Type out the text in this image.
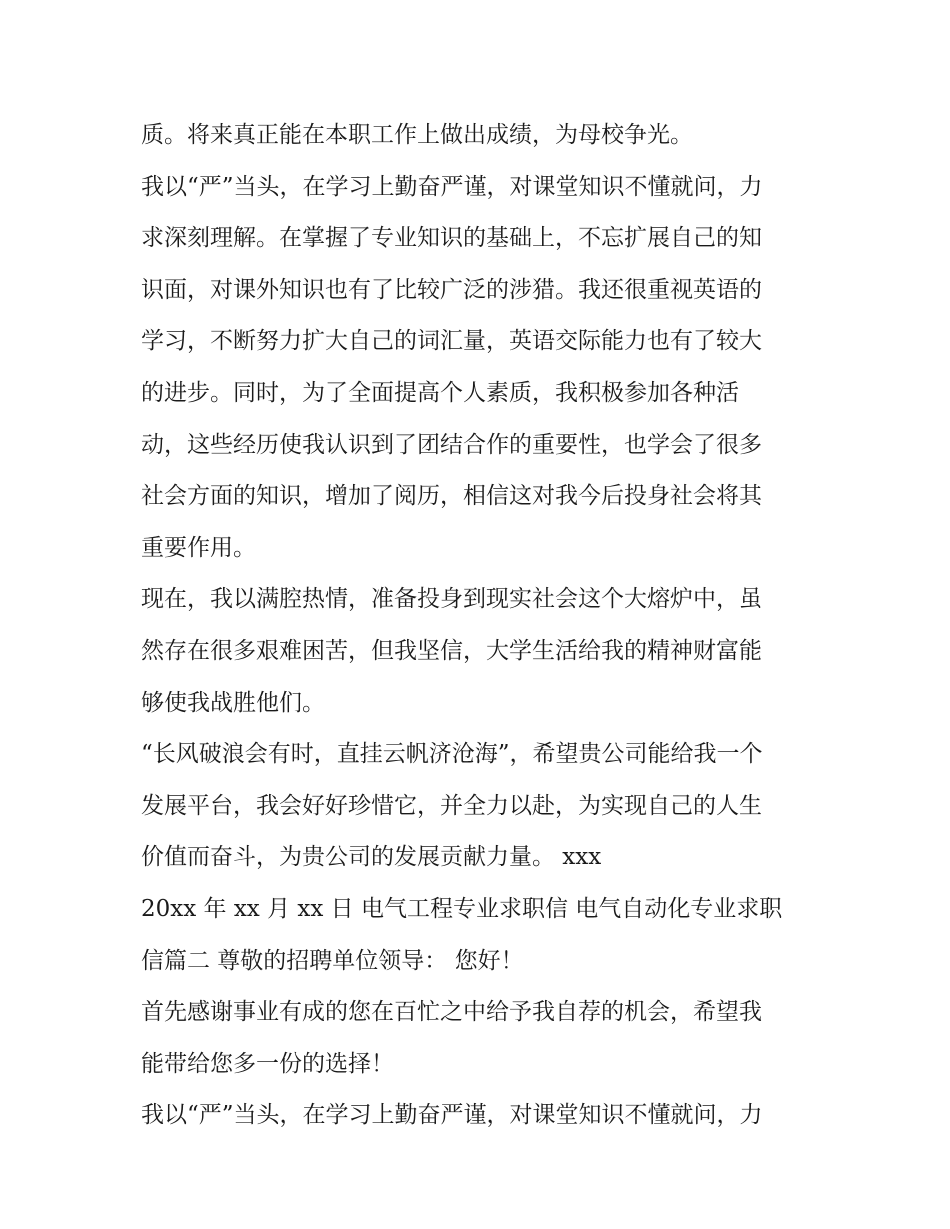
质。将来真正能在本职工作上做出成绩，为母校争光。
我以“严”当头，在学习上勤奋严谨，对课堂知识不懂就问，力
求深刻理解。在掌握了专业知识的基础上，不忘扩展自己的知
识面，对课外知识也有了比较广泛的涉猎。我还很重视英语的
学习，不断努力扩大自己的词汇量，英语交际能力也有了较大
的进步。同时，为了全面提高个人素质，我积极参加各种活
动，这些经历使我认识到了团结合作的重要性，也学会了很多
社会方面的知识，增加了阅历，相信这对我今后投身社会将其
重要作用。
现在，我以满腔热情，准备投身到现实社会这个大熔炉中，虽
然存在很多艰难困苦，但我坚信，大学生活给我的精神财富能
够使我战胜他们。
“长风破浪会有时，直挂云帆济沧海”，希望贵公司能给我一个
发展平台，我会好好珍惜它，并全力以赴，为实现自己的人生
价值而奋斗，为贵公司的发展贡献力量。 xxx
20xx 年 xx 月 xx 日 电气工程专业求职信 电气自动化专业求职
信篇二 尊敬的招聘单位领导： 您好！
首先感谢事业有成的您在百忙之中给予我自荐的机会，希望我
能带给您多一份的选择！
我以“严”当头，在学习上勤奋严谨，对课堂知识不懂就问，力
